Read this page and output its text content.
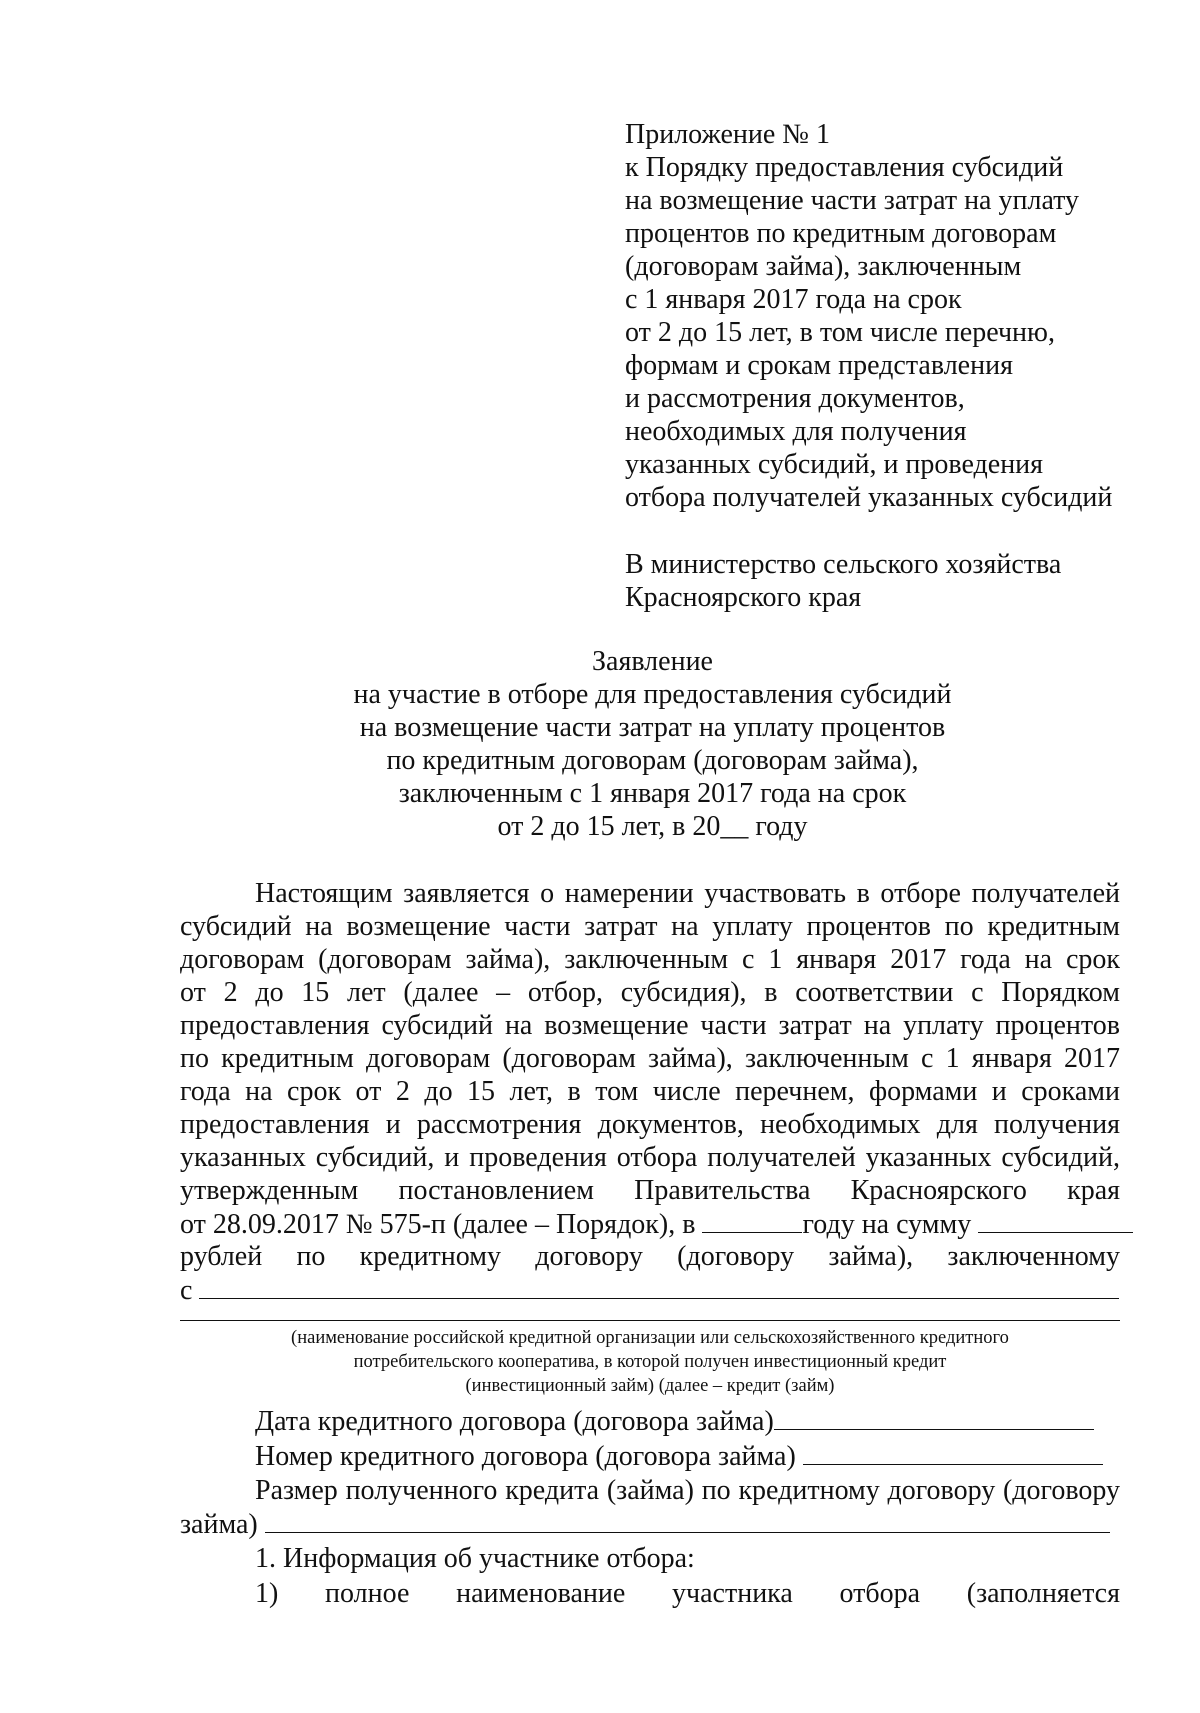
Приложение № 1
к Порядку предоставления субсидий
на возмещение части затрат на уплату
процентов по кредитным договорам
(договорам займа), заключенным
с 1 января 2017 года на срок
от 2 до 15 лет, в том числе перечню,
формам и срокам представления
и рассмотрения документов,
необходимых для получения
указанных субсидий, и проведения
отбора получателей указанных субсидий
В министерство сельского хозяйства
Красноярского края
Заявление
на участие в отборе для предоставления субсидий
на возмещение части затрат на уплату процентов
по кредитным договорам (договорам займа),
заключенным с 1 января 2017 года на срок
от 2 до 15 лет, в 20__ году
Настоящим заявляется о намерении участвовать в отборе получателей
субсидий на возмещение части затрат на уплату процентов по кредитным
договорам (договорам займа), заключенным с 1 января 2017 года на срок
от 2 до 15 лет (далее – отбор, субсидия), в соответствии с Порядком
предоставления субсидий на возмещение части затрат на уплату процентов
по кредитным договорам (договорам займа), заключенным с 1 января 2017
года на срок от 2 до 15 лет, в том числе перечнем, формами и сроками
предоставления и рассмотрения документов, необходимых для получения
указанных субсидий, и проведения отбора получателей указанных субсидий,
утвержденным постановлением Правительства Красноярского края
от 28.09.2017 № 575-п (далее – Порядок), в	году на сумму
рублей по кредитному договору (договору займа), заключенному
с
(наименование российской кредитной организации или сельскохозяйственного кредитного
потребительского кооператива, в которой получен инвестиционный кредит
(инвестиционный займ) (далее – кредит (займ)
Дата кредитного договора (договора займа)
Номер кредитного договора (договора займа)
Размер полученного кредита (займа) по кредитному договору (договору
займа)
1. Информация об участнике отбора:
1) полное наименование участника отбора (заполняется
